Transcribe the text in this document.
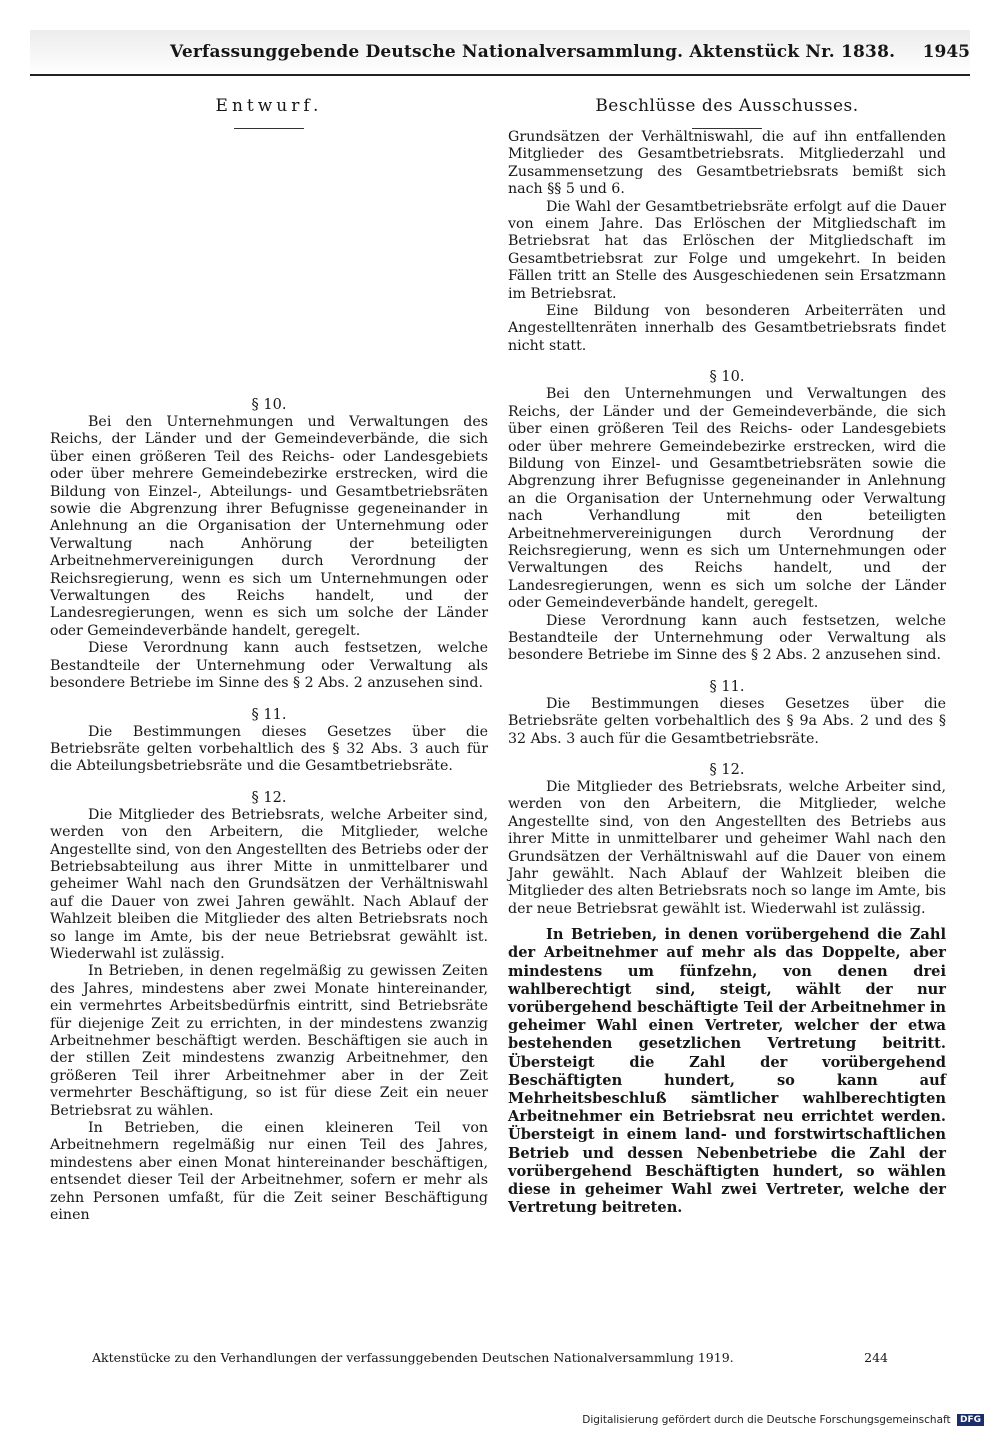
Verfassunggebende Deutsche Nationalversammlung. Aktenstück Nr. 1838. 1945
Entwurf.
§ 10.

Bei den Unternehmungen und Verwaltungen des Reichs, der Länder und der Gemeindeverbände, die sich über einen größeren Teil des Reichs- oder Landesgebiets oder über mehrere Gemeindebezirke erstrecken, wird die Bildung von Einzel-, Abteilungs- und Gesamtbetriebsräten sowie die Abgrenzung ihrer Befugnisse gegeneinander in Anlehnung an die Organisation der Unternehmung oder Verwaltung nach Anhörung der beteiligten Arbeitnehmervereinigungen durch Verordnung der Reichsregierung, wenn es sich um Unternehmungen oder Verwaltungen des Reichs handelt, und der Landesregierungen, wenn es sich um solche der Länder oder Gemeindeverbände handelt, geregelt.

Diese Verordnung kann auch festsetzen, welche Bestandteile der Unternehmung oder Verwaltung als besondere Betriebe im Sinne des § 2 Abs. 2 anzusehen sind.

§ 11.

Die Bestimmungen dieses Gesetzes über die Betriebsräte gelten vorbehaltlich des § 32 Abs. 3 auch für die Abteilungsbetriebsräte und die Gesamtbetriebsräte.

§ 12.

Die Mitglieder des Betriebsrats, welche Arbeiter sind, werden von den Arbeitern, die Mitglieder, welche Angestellte sind, von den Angestellten des Betriebs oder der Betriebsabteilung aus ihrer Mitte in unmittelbarer und geheimer Wahl nach den Grundsätzen der Verhältniswahl auf die Dauer von zwei Jahren gewählt. Nach Ablauf der Wahlzeit bleiben die Mitglieder des alten Betriebsrats noch so lange im Amte, bis der neue Betriebsrat gewählt ist. Wiederwahl ist zulässig.

In Betrieben, in denen regelmäßig zu gewissen Zeiten des Jahres, mindestens aber zwei Monate hintereinander, ein vermehrtes Arbeitsbedürfnis eintritt, sind Betriebsräte für diejenige Zeit zu errichten, in der mindestens zwanzig Arbeitnehmer beschäftigt werden. Beschäftigen sie auch in der stillen Zeit mindestens zwanzig Arbeitnehmer, den größeren Teil ihrer Arbeitnehmer aber in der Zeit vermehrter Beschäftigung, so ist für diese Zeit ein neuer Betriebsrat zu wählen.

In Betrieben, die einen kleineren Teil von Arbeitnehmern regelmäßig nur einen Teil des Jahres, mindestens aber einen Monat hintereinander beschäftigen, entsendet dieser Teil der Arbeitnehmer, sofern er mehr als zehn Personen umfaßt, für die Zeit seiner Beschäftigung einen

Beschlüsse des Ausschusses.

Grundsätzen der Verhältniswahl, die auf ihn entfallenden Mitglieder des Gesamtbetriebsrats. Mitgliederzahl und Zusammensetzung des Gesamtbetriebsrats bemißt sich nach §§ 5 und 6.

Die Wahl der Gesamtbetriebsräte erfolgt auf die Dauer von einem Jahre. Das Erlöschen der Mitgliedschaft im Betriebsrat hat das Erlöschen der Mitgliedschaft im Gesamtbetriebsrat zur Folge und umgekehrt. In beiden Fällen tritt an Stelle des Ausgeschiedenen sein Ersatzmann im Betriebsrat.

Eine Bildung von besonderen Arbeiterräten und Angestelltenräten innerhalb des Gesamtbetriebsrats findet nicht statt.

§ 10.

Bei den Unternehmungen und Verwaltungen des Reichs, der Länder und der Gemeindeverbände, die sich über einen größeren Teil des Reichs- oder Landesgebiets oder über mehrere Gemeindebezirke erstrecken, wird die Bildung von Einzel- und Gesamtbetriebsräten sowie die Abgrenzung ihrer Befugnisse gegeneinander in Anlehnung an die Organisation der Unternehmung oder Verwaltung nach Verhandlung mit den beteiligten Arbeitnehmervereinigungen durch Verordnung der Reichsregierung, wenn es sich um Unternehmungen oder Verwaltungen des Reichs handelt, und der Landesregierungen, wenn es sich um solche der Länder oder Gemeindeverbände handelt, geregelt.

Diese Verordnung kann auch festsetzen, welche Bestandteile der Unternehmung oder Verwaltung als besondere Betriebe im Sinne des § 2 Abs. 2 anzusehen sind.

§ 11.

Die Bestimmungen dieses Gesetzes über die Betriebsräte gelten vorbehaltlich des § 9a Abs. 2 und des § 32 Abs. 3 auch für die Gesamtbetriebsräte.

§ 12.

Die Mitglieder des Betriebsrats, welche Arbeiter sind, werden von den Arbeitern, die Mitglieder, welche Angestellte sind, von den Angestellten des Betriebs aus ihrer Mitte in unmittelbarer und geheimer Wahl nach den Grundsätzen der Verhältniswahl auf die Dauer von einem Jahr gewählt. Nach Ablauf der Wahlzeit bleiben die Mitglieder des alten Betriebsrats noch so lange im Amte, bis der neue Betriebsrat gewählt ist. Wiederwahl ist zulässig.

In Betrieben, in denen vorübergehend die Zahl der Arbeitnehmer auf mehr als das Doppelte, aber mindestens um fünfzehn, von denen drei wahlberechtigt sind, steigt, wählt der nur vorübergehend beschäftigte Teil der Arbeitnehmer in geheimer Wahl einen Vertreter, welcher der etwa bestehenden gesetzlichen Vertretung beitritt. Übersteigt die Zahl der vorübergehend Beschäftigten hundert, so kann auf Mehrheitsbeschluß sämtlicher wahlberechtigten Arbeitnehmer ein Betriebsrat neu errichtet werden. Übersteigt in einem land- und forstwirtschaftlichen Betrieb und dessen Nebenbetriebe die Zahl der vorübergehend Beschäftigten hundert, so wählen diese in geheimer Wahl zwei Vertreter, welche der Vertretung beitreten.

Aktenstücke zu den Verhandlungen der verfassunggebenden Deutschen Nationalversammlung 1919.	244
Digitalisierung gefördert durch die Deutsche Forschungsgemeinschaft DFG
